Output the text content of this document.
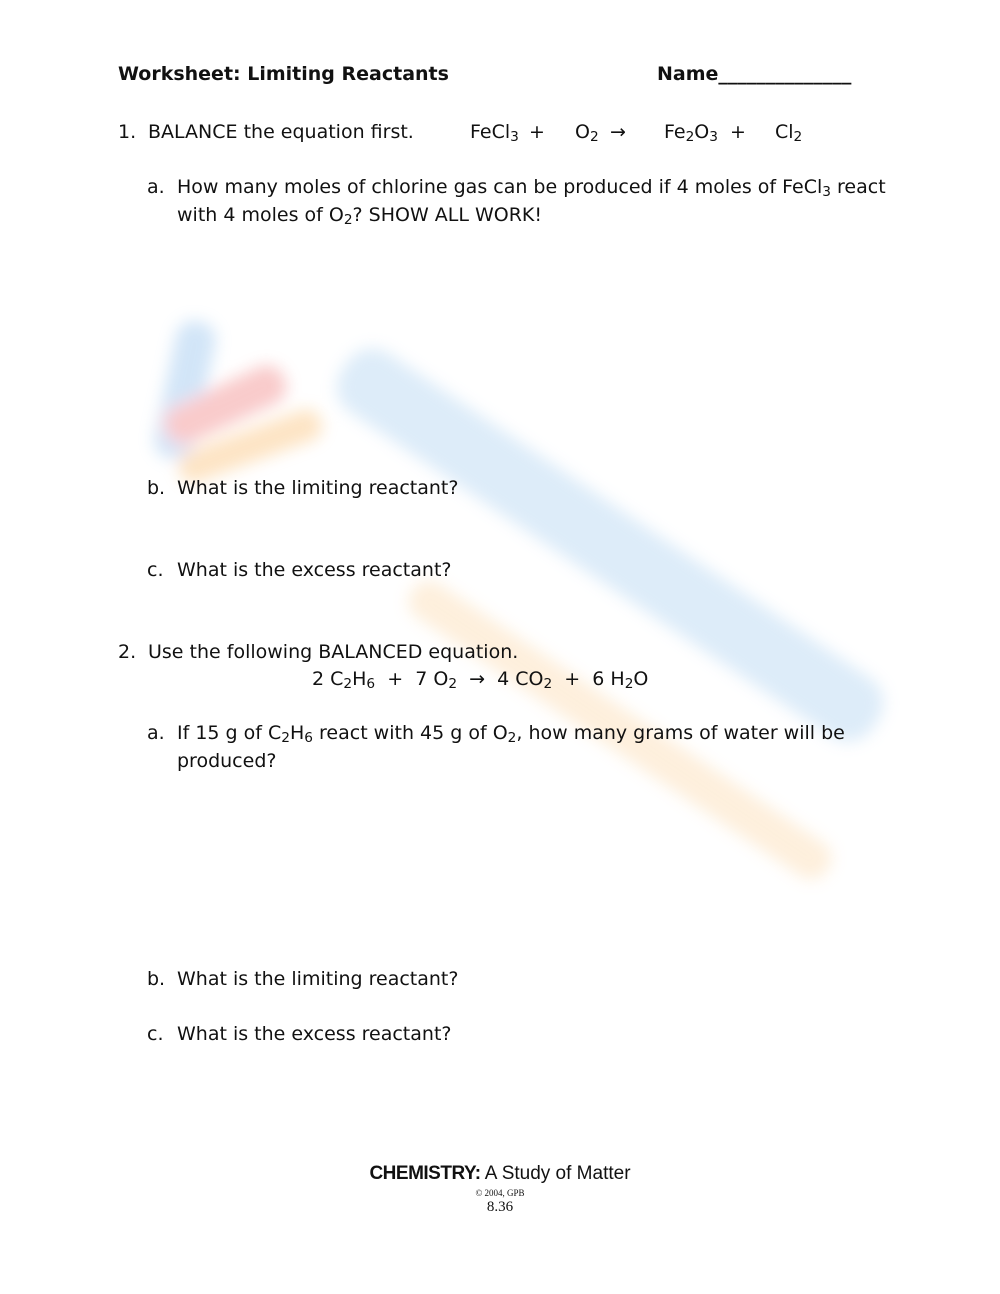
Worksheet: Limiting Reactants	Name______________
1. BALANCE the equation first.	FeCl$_3$ + $O_2 \to Fe_2O_3 + Cl_2$
a. How many moles of chlorine gas can be produced if 4 moles of FeCl$_3$ react
with 4 moles of $O_2$? SHOW ALL WORK!
b. What is the limiting reactant?
c. What is the excess reactant?
2. Use the following BALANCED equation.
2 $C_2H_6 + 7$ $O_2 \to 4$ $CO_2 + 6$ $H_2O$
a. If 15 g of $C_2H_6$ react with 45 g of $O_2$, how many grams of water will be
produced?
b. What is the limiting reactant?
c. What is the excess reactant?
CHEMISTRY: A Study of Matter
© 2004, GPB
8.36
